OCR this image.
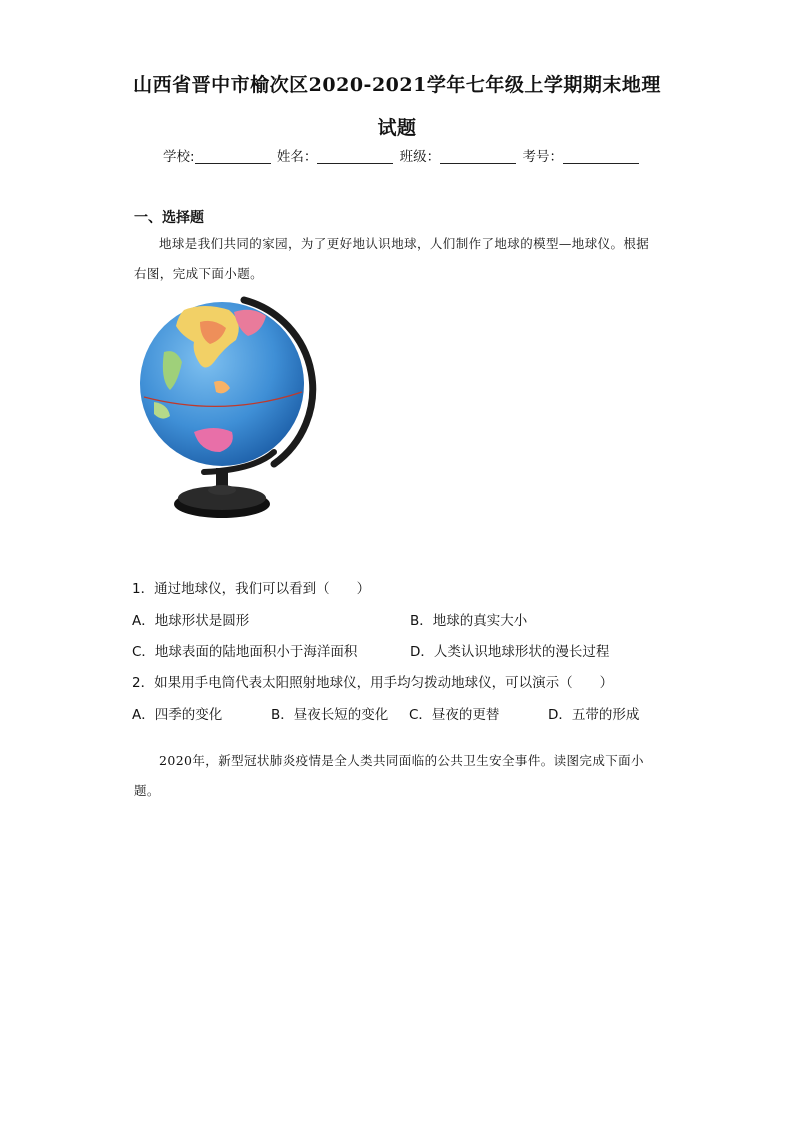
山西省晋中市榆次区2020-2021学年七年级上学期期末地理
试题
学校:	姓名：	班级：	考号：
一、选择题
地球是我们共同的家园，为了更好地认识地球，人们制作了地球的模型—地球仪。根据右图，完成下面小题。
1．通过地球仪，我们可以看到（　　）
A．地球形状是圆形	B．地球的真实大小
C．地球表面的陆地面积小于海洋面积	D．人类认识地球形状的漫长过程
2．如果用手电筒代表太阳照射地球仪，用手均匀拨动地球仪，可以演示（　　）
A．四季的变化	B．昼夜长短的变化 C．昼夜的更替	D．五带的形成
2020年，新型冠状肺炎疫情是全人类共同面临的公共卫生安全事件。读图完成下面小题。
